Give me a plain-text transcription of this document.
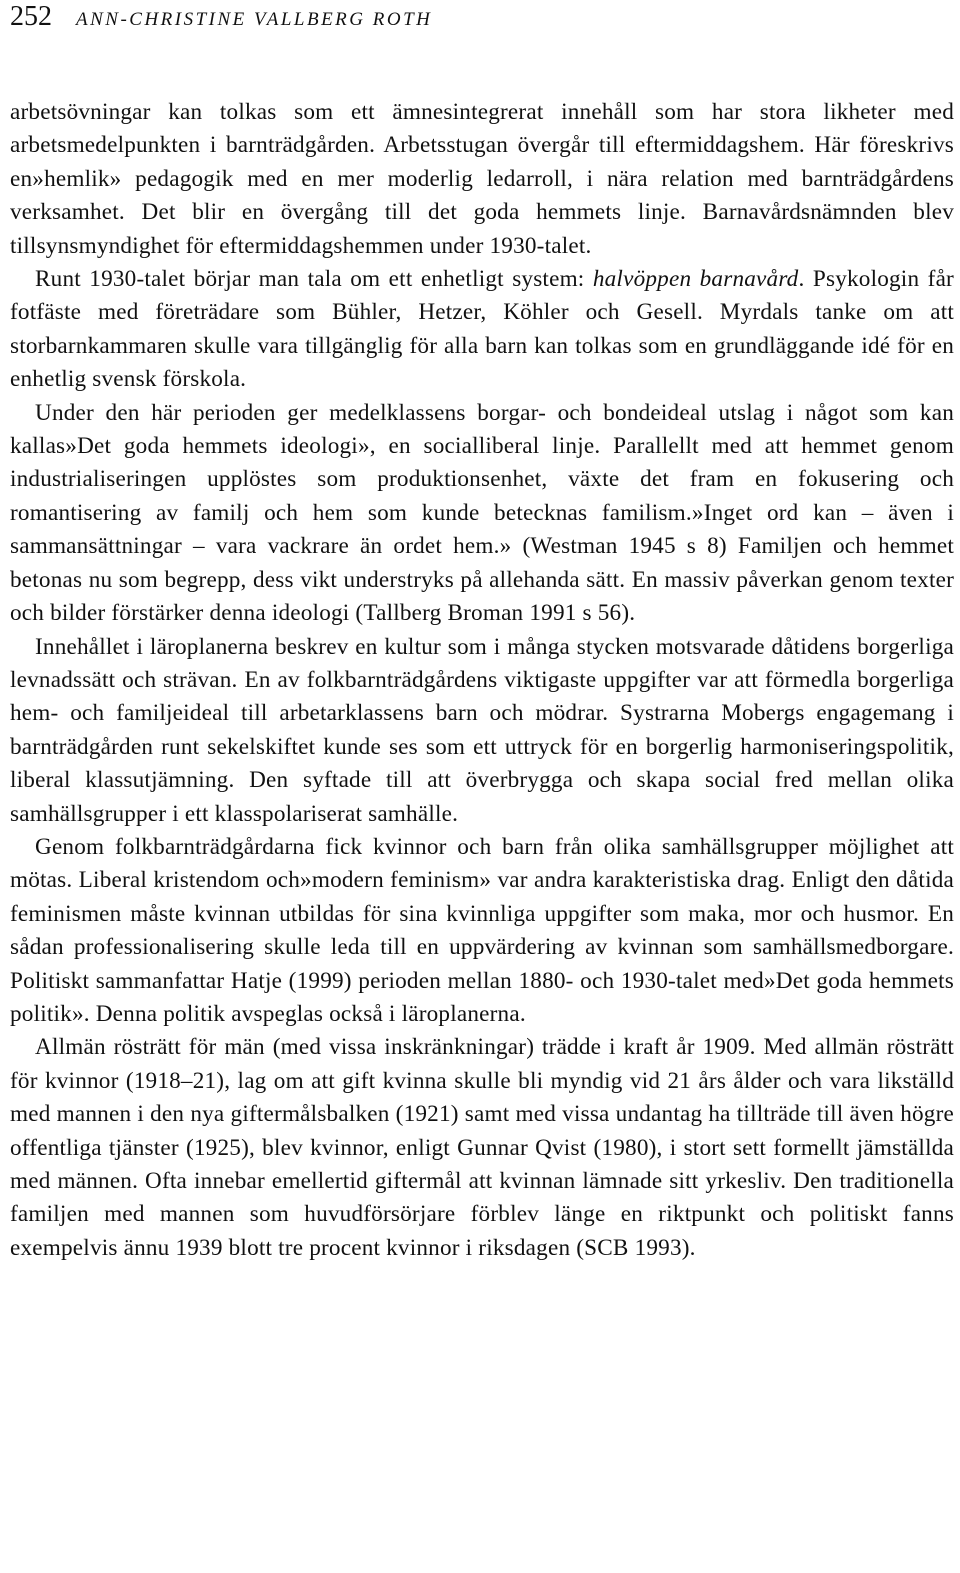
252 ANN-CHRISTINE VALLBERG ROTH

arbetsövningar kan tolkas som ett ämnesintegrerat innehåll som har stora likheter med arbetsmedelpunkten i barnträdgården. Arbetsstugan övergår till eftermiddagshem. Här föreskrivs en»hemlik» pedagogik med en mer moderlig ledarroll, i nära relation med barnträdgårdens verksamhet. Det blir en övergång till det goda hemmets linje. Barnavårdsnämnden blev tillsynsmyndighet för eftermiddagshemmen under 1930-talet.

Runt 1930-talet börjar man tala om ett enhetligt system: halvöppen barnavård. Psykologin får fotfäste med företrädare som Bühler, Hetzer, Köhler och Gesell. Myrdals tanke om att storbarnkammaren skulle vara tillgänglig för alla barn kan tolkas som en grundläggande idé för en enhetlig svensk förskola.

Under den här perioden ger medelklassens borgar- och bondeideal utslag i något som kan kallas»Det goda hemmets ideologi», en socialliberal linje. Parallellt med att hemmet genom industrialiseringen upplöstes som produktionsenhet, växte det fram en fokusering och romantisering av familj och hem som kunde betecknas familism.»Inget ord kan – även i sammansättningar – vara vackrare än ordet hem.» (Westman 1945 s 8) Familjen och hemmet betonas nu som begrepp, dess vikt understryks på allehanda sätt. En massiv påverkan genom texter och bilder förstärker denna ideologi (Tallberg Broman 1991 s 56).

Innehållet i läroplanerna beskrev en kultur som i många stycken motsvarade dåtidens borgerliga levnadssätt och strävan. En av folkbarnträdgårdens viktigaste uppgifter var att förmedla borgerliga hem- och familjeideal till arbetarklassens barn och mödrar. Systrarna Mobergs engagemang i barnträdgården runt sekelskiftet kunde ses som ett uttryck för en borgerlig harmoniseringspolitik, liberal klassutjämning. Den syftade till att överbrygga och skapa social fred mellan olika samhällsgrupper i ett klasspolariserat samhälle.

Genom folkbarnträdgårdarna fick kvinnor och barn från olika samhällsgrupper möjlighet att mötas. Liberal kristendom och»modern feminism» var andra karakteristiska drag. Enligt den dåtida feminismen måste kvinnan utbildas för sina kvinnliga uppgifter som maka, mor och husmor. En sådan professionalisering skulle leda till en uppvärdering av kvinnan som samhällsmedborgare. Politiskt sammanfattar Hatje (1999) perioden mellan 1880- och 1930-talet med»Det goda hemmets politik». Denna politik avspeglas också i läroplanerna.

Allmän rösträtt för män (med vissa inskränkningar) trädde i kraft år 1909. Med allmän rösträtt för kvinnor (1918–21), lag om att gift kvinna skulle bli myndig vid 21 års ålder och vara likställd med mannen i den nya giftermålsbalken (1921) samt med vissa undantag ha tillträde till även högre offentliga tjänster (1925), blev kvinnor, enligt Gunnar Qvist (1980), i stort sett formellt jämställda med männen. Ofta innebar emellertid giftermål att kvinnan lämnade sitt yrkesliv. Den traditionella familjen med mannen som huvudförsörjare förblev länge en riktpunkt och politiskt fanns exempelvis ännu 1939 blott tre procent kvinnor i riksdagen (SCB 1993).
